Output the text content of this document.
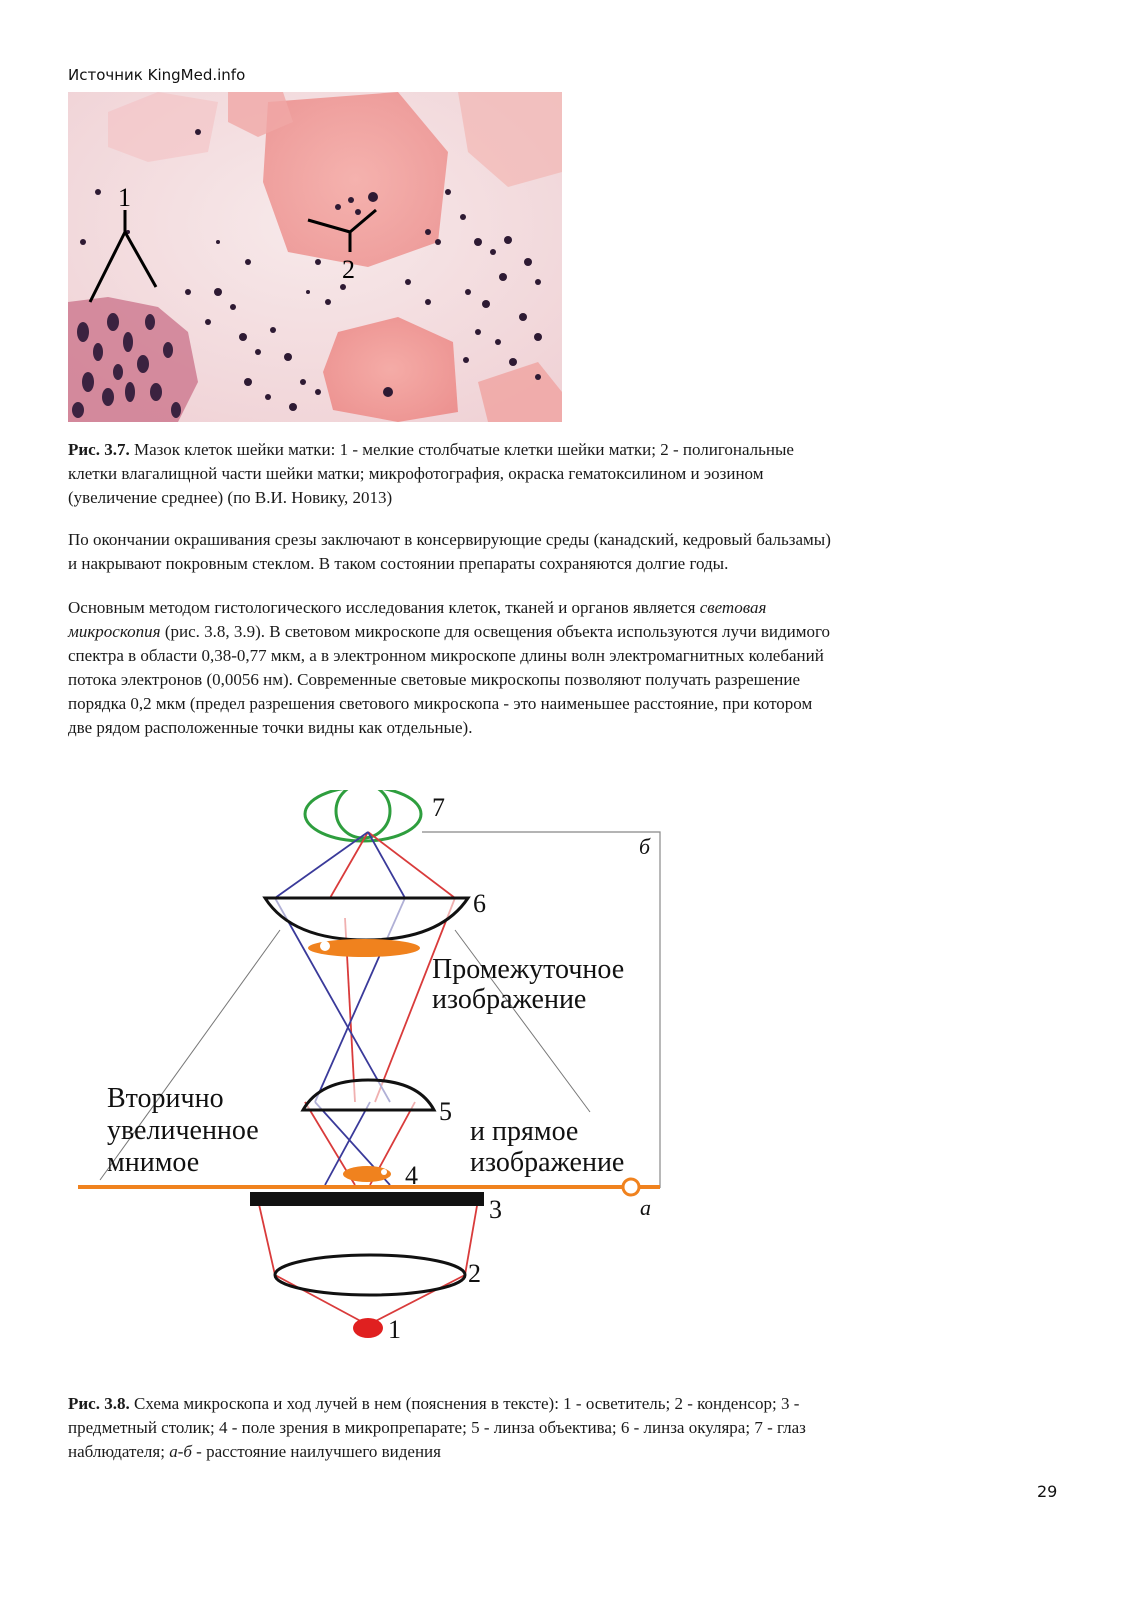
Источник KingMed.info
1
2
Рис. 3.7. Мазок клеток шейки матки: 1 - мелкие столбчатые клетки шейки матки; 2 - полигональные
клетки влагалищной части шейки матки; микрофотография, окраска гематоксилином и эозином
(увеличение среднее) (по В.И. Новику, 2013)
По окончании окрашивания срезы заключают в консервирующие среды (канадский, кедровый бальзамы)
и накрывают покровным стеклом. В таком состоянии препараты сохраняются долгие годы.
Основным методом гистологического исследования клеток, тканей и органов является световая
микроскопия (рис. 3.8, 3.9). В световом микроскопе для освещения объекта используются лучи видимого
спектра в области 0,38-0,77 мкм, а в электронном микроскопе длины волн электромагнитных колебаний
потока электронов (0,0056 нм). Современные световые микроскопы позволяют получать разрешение
порядка 0,2 мкм (предел разрешения светового микроскопа - это наименьшее расстояние, при котором
две рядом расположенные точки видны как отдельные).
7
6
5
4
3
2
1
б
а
Промежуточное
изображение
Вторично
увеличенное
мнимое
и прямое
изображение
Рис. 3.8. Схема микроскопа и ход лучей в нем (пояснения в тексте): 1 - осветитель; 2 - конденсор; 3 -
предметный столик; 4 - поле зрения в микропрепарате; 5 - линза объектива; 6 - линза окуляра; 7 - глаз
наблюдателя; а-б - расстояние наилучшего видения
29
